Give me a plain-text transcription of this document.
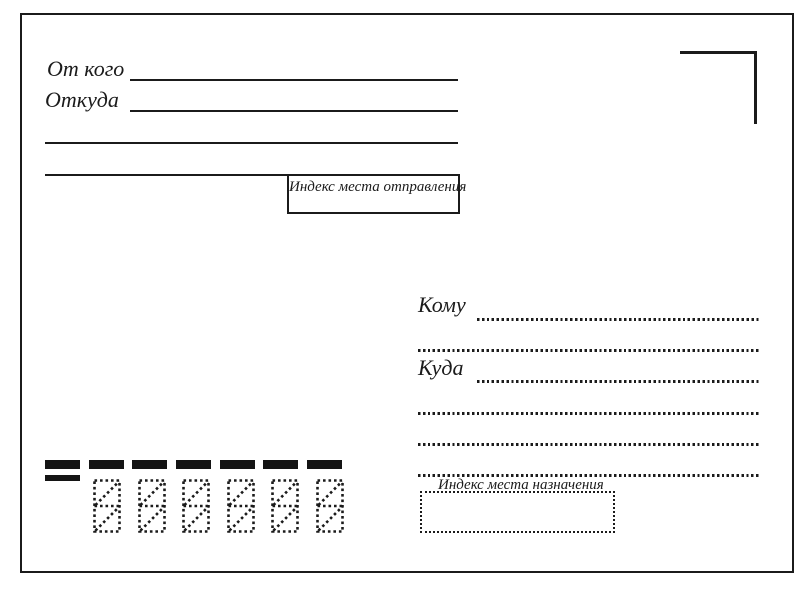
От кого
Откуда
Индекс места отправления
Кому
Куда
Индекс места назначения
